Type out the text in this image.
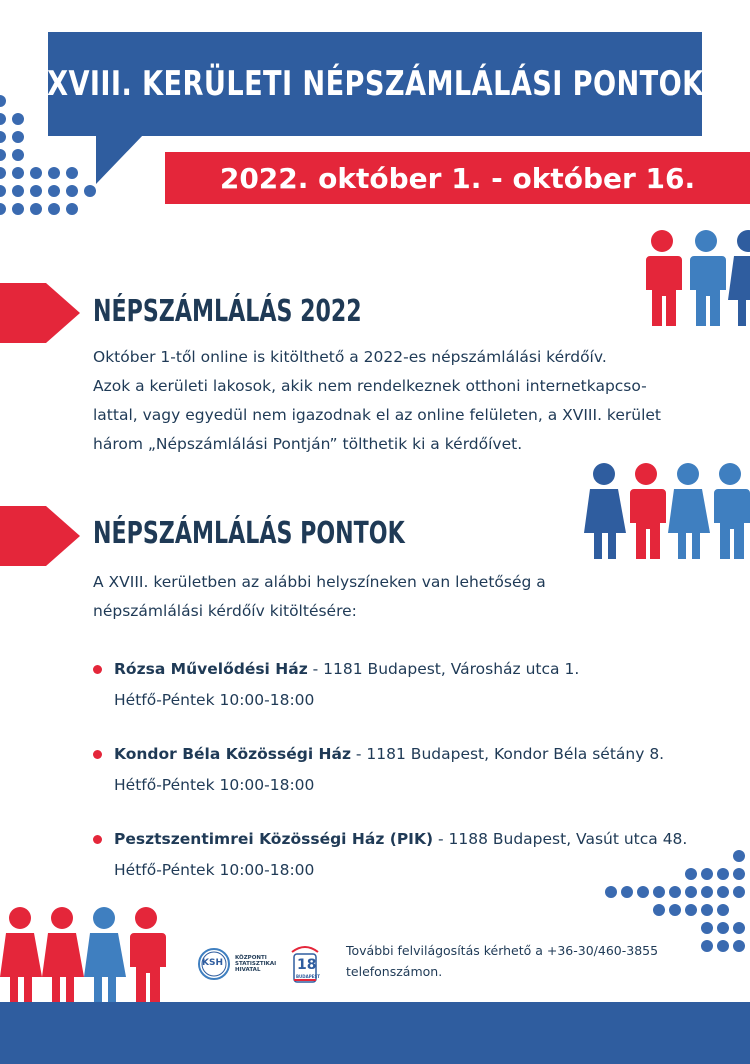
XVIII. KERÜLETI NÉPSZÁMLÁLÁSI PONTOK
2022. október 1. - október 16.
NÉPSZÁMLÁLÁS 2022
Október 1-től online is kitölthető a 2022-es népszámlálási kérdőív.
Azok a kerületi lakosok, akik nem rendelkeznek otthoni internetkapcso-
lattal, vagy egyedül nem igazodnak el az online felületen, a XVIII. kerület
három „Népszámlálási Pontján” tölthetik ki a kérdőívet.
NÉPSZÁMLÁLÁS PONTOK
A XVIII. kerületben az alábbi helyszíneken van lehetőség a
népszámlálási kérdőív kitöltésére:
Rózsa Művelődési Ház - 1181 Budapest, Városház utca 1.
Hétfő-Péntek 10:00-18:00
Kondor Béla Közösségi Ház - 1181 Budapest, Kondor Béla sétány 8.
Hétfő-Péntek 10:00-18:00
Pesztszentimrei Közösségi Ház (PIK) - 1188 Budapest, Vasút utca 48.
Hétfő-Péntek 10:00-18:00
KSH KÖZPONTI
STATISZTIKAI
HIVATAL	18
BUDAPEST
További felvilágosítás kérhető a +36-30/460-3855
telefonszámon.
